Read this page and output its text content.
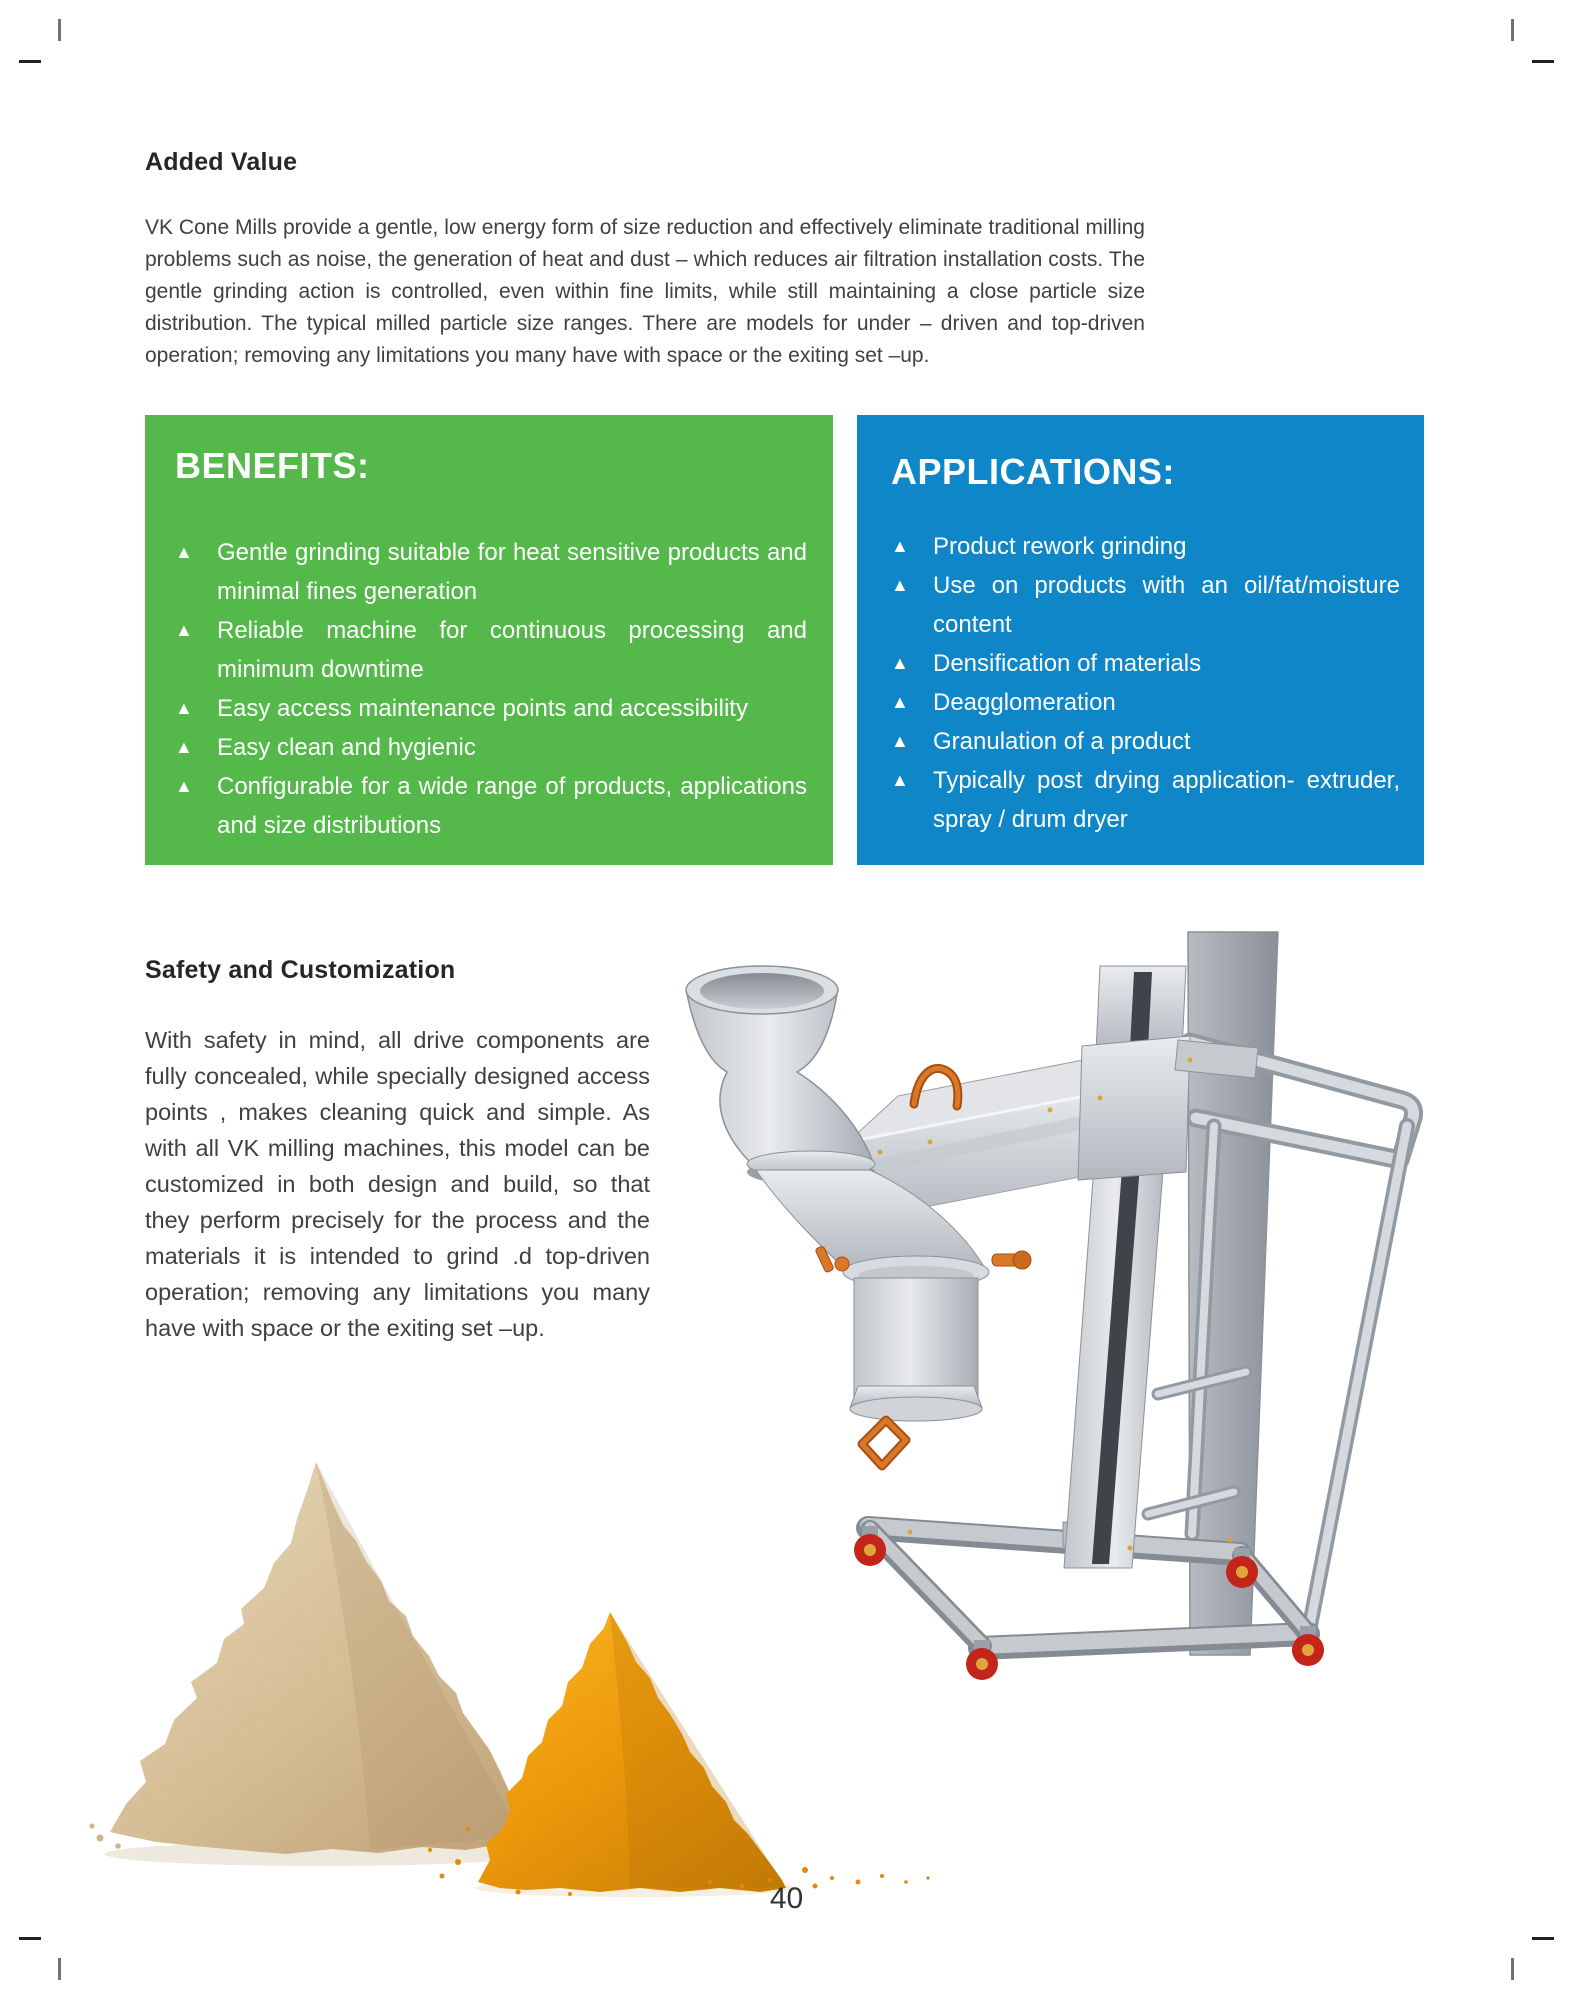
Added Value

VK Cone Mills provide a gentle, low energy form of size reduction and effectively eliminate traditional milling problems such as noise, the generation of heat and dust – which reduces air filtration installation costs. The gentle grinding action is controlled, even within fine limits, while still maintaining a close particle size distribution. The typical milled particle size ranges. There are models for under – driven and top-driven operation; removing any limitations you many have with space or the exiting set –up.

BENEFITS:
▲ Gentle grinding suitable for heat sensitive products and minimal fines generation
▲ Reliable machine for continuous processing and minimum downtime
▲ Easy access maintenance points and accessibility
▲ Easy clean and hygienic
▲ Configurable for a wide range of products, applications and size distributions
APPLICATIONS:
▲ Product rework grinding
▲ Use on products with an oil/fat/moisture content
▲ Densification of materials
▲ Deagglomeration
▲ Granulation of a product
▲ Typically post drying application- extruder, spray / drum dryer
Safety and Customization

With safety in mind, all drive components are fully concealed, while specially designed access points , makes cleaning quick and simple. As with all VK milling machines, this model can be customized in both design and build, so that they perform precisely for the process and the materials it is intended to grind .d top-driven operation; removing any limitations you many have with space or the exiting set –up.

40
